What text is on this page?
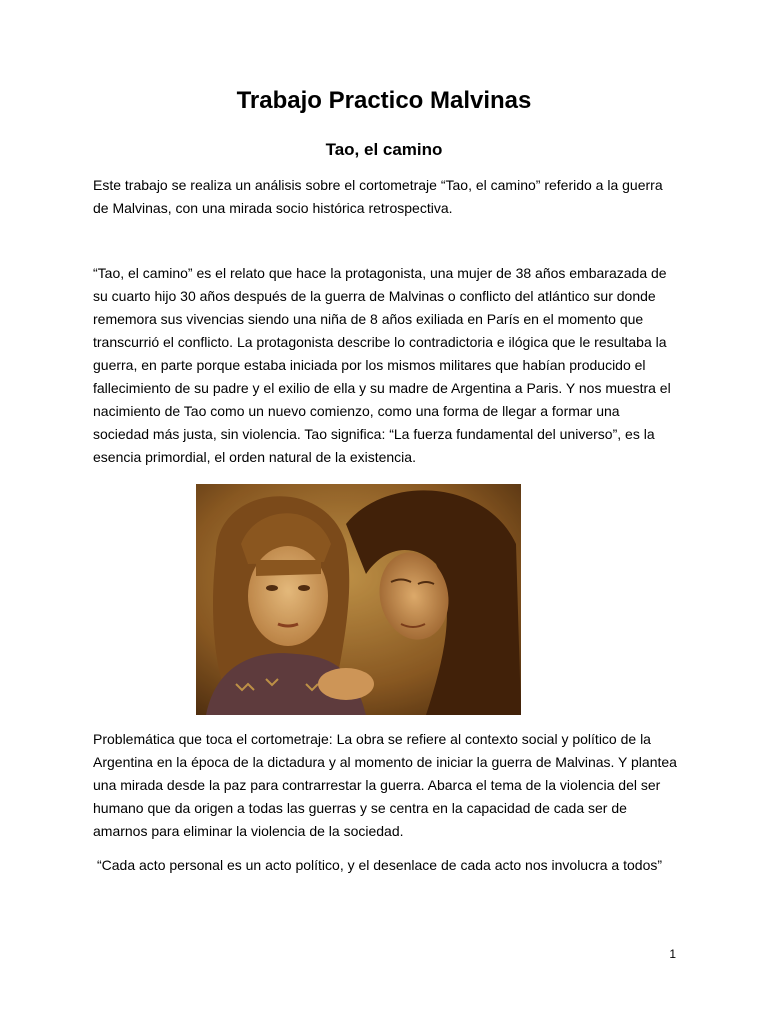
Trabajo Practico Malvinas
Tao, el camino

Este trabajo se realiza un análisis sobre el cortometraje “Tao, el camino” referido a la guerra de Malvinas, con una mirada socio histórica retrospectiva.

“Tao, el camino” es el relato que hace la protagonista, una mujer de 38 años embarazada de su cuarto hijo 30 años después de la guerra de Malvinas o conflicto del atlántico sur donde rememora sus vivencias siendo una niña de 8 años exiliada en París en el momento que transcurrió el conflicto. La protagonista describe lo contradictoria e ilógica que le resultaba la guerra, en parte porque estaba iniciada por los mismos militares que habían producido el fallecimiento de su padre y el exilio de ella y su madre de Argentina a Paris. Y nos muestra el nacimiento de Tao como un nuevo comienzo, como una forma de llegar a formar una sociedad más justa, sin violencia. Tao significa: “La fuerza fundamental del universo”, es la esencia primordial, el orden natural de la existencia.

Problemática que toca el cortometraje: La obra se refiere al contexto social y político de la Argentina en la época de la dictadura y al momento de iniciar la guerra de Malvinas. Y plantea una mirada desde la paz para contrarrestar la guerra. Abarca el tema de la violencia del ser humano que da origen a todas las guerras y se centra en la capacidad de cada ser de amarnos para eliminar la violencia de la sociedad.

“Cada acto personal es un acto político, y el desenlace de cada acto nos involucra a todos”

1
